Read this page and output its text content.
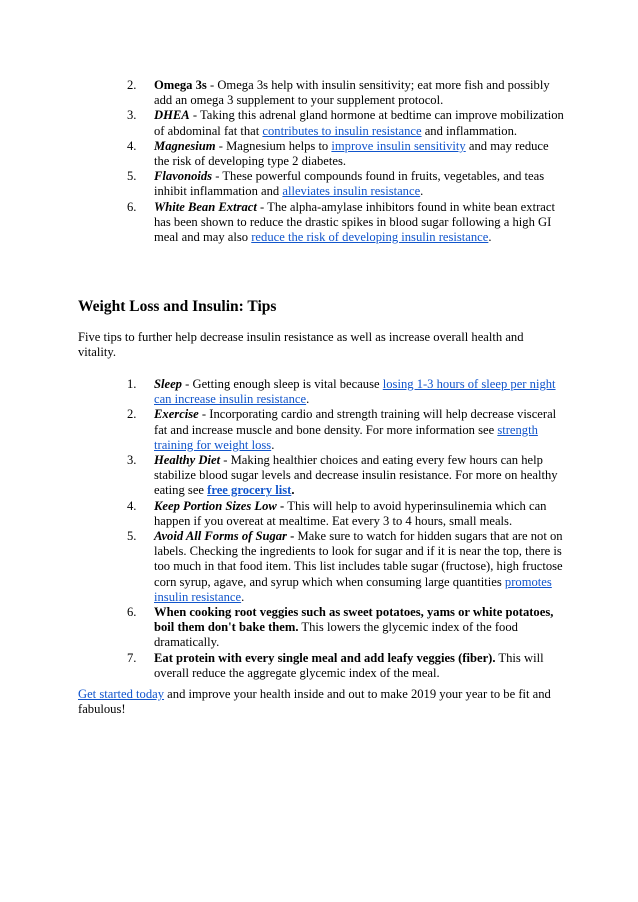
2. Omega 3s - Omega 3s help with insulin sensitivity; eat more fish and possibly add an omega 3 supplement to your supplement protocol.
3. DHEA - Taking this adrenal gland hormone at bedtime can improve mobilization of abdominal fat that contributes to insulin resistance and inflammation.
4. Magnesium - Magnesium helps to improve insulin sensitivity and may reduce the risk of developing type 2 diabetes.
5. Flavonoids - These powerful compounds found in fruits, vegetables, and teas inhibit inflammation and alleviates insulin resistance.
6. White Bean Extract - The alpha-amylase inhibitors found in white bean extract has been shown to reduce the drastic spikes in blood sugar following a high GI meal and may also reduce the risk of developing insulin resistance.
Weight Loss and Insulin: Tips

Five tips to further help decrease insulin resistance as well as increase overall health and vitality.

1. Sleep - Getting enough sleep is vital because losing 1-3 hours of sleep per night can increase insulin resistance.
2. Exercise - Incorporating cardio and strength training will help decrease visceral fat and increase muscle and bone density. For more information see strength training for weight loss.
3. Healthy Diet - Making healthier choices and eating every few hours can help stabilize blood sugar levels and decrease insulin resistance. For more on healthy eating see free grocery list.
4. Keep Portion Sizes Low - This will help to avoid hyperinsulinemia which can happen if you overeat at mealtime. Eat every 3 to 4 hours, small meals.
5. Avoid All Forms of Sugar - Make sure to watch for hidden sugars that are not on labels. Checking the ingredients to look for sugar and if it is near the top, there is too much in that food item. This list includes table sugar (fructose), high fructose corn syrup, agave, and syrup which when consuming large quantities promotes insulin resistance.
6. When cooking root veggies such as sweet potatoes, yams or white potatoes, boil them don't bake them. This lowers the glycemic index of the food dramatically.
7. Eat protein with every single meal and add leafy veggies (fiber). This will overall reduce the aggregate glycemic index of the meal.

Get started today and improve your health inside and out to make 2019 your year to be fit and fabulous!
